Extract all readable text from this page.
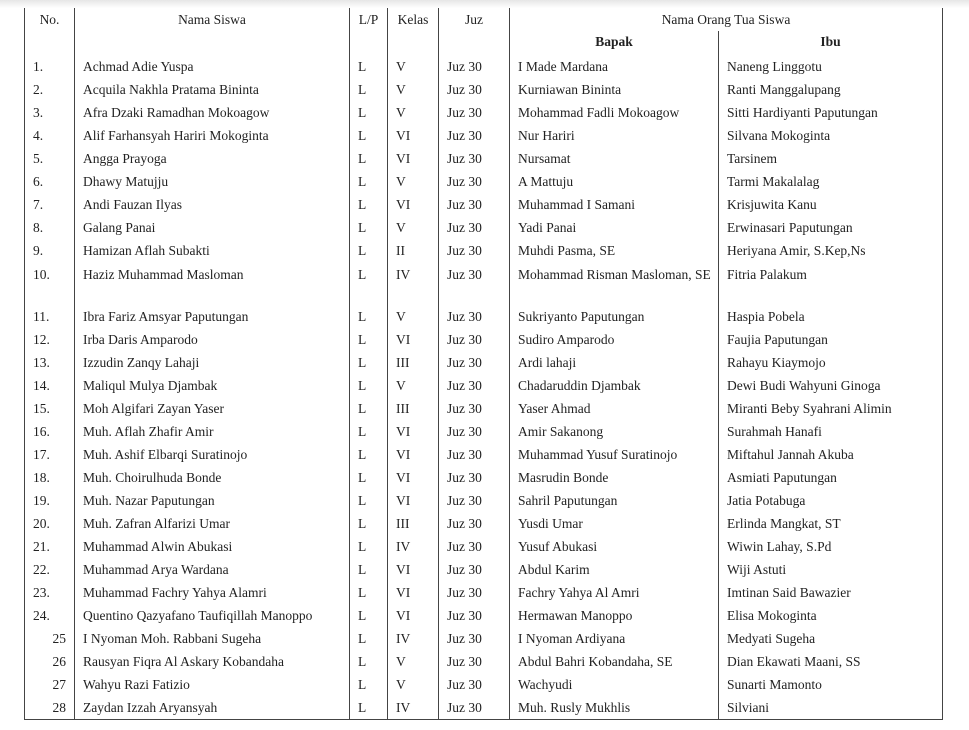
No.	Nama Siswa	L/P	Kelas	Juz	Nama Orang Tua Siswa	
					Bapak	Ibu
1.	Achmad Adie Yuspa	L	V	Juz 30	I Made Mardana	Naneng Linggotu
2.	Acquila Nakhla Pratama Bininta	L	V	Juz 30	Kurniawan Bininta	Ranti Manggalupang
3.	Afra Dzaki Ramadhan Mokoagow	L	V	Juz 30	Mohammad Fadli Mokoagow	Sitti Hardiyanti Paputungan
4.	Alif Farhansyah Hariri Mokoginta	L	VI	Juz 30	Nur Hariri	Silvana Mokoginta
5.	Angga Prayoga	L	VI	Juz 30	Nursamat	Tarsinem
6.	Dhawy Matujju	L	V	Juz 30	A Mattuju	Tarmi Makalalag
7.	Andi Fauzan Ilyas	L	VI	Juz 30	Muhammad I Samani	Krisjuwita Kanu
8.	Galang Panai	L	V	Juz 30	Yadi Panai	Erwinasari Paputungan
9.	Hamizan Aflah Subakti	L	II	Juz 30	Muhdi Pasma, SE	Heriyana Amir, S.Kep,Ns
10.	Haziz Muhammad Masloman	L	IV	Juz 30	Mohammad Risman Masloman, SE	Fitria Palakum
11.	Ibra Fariz Amsyar Paputungan	L	V	Juz 30	Sukriyanto Paputungan	Haspia Pobela
12.	Irba Daris Amparodo	L	VI	Juz 30	Sudiro Amparodo	Faujia Paputungan
13.	Izzudin Zanqy Lahaji	L	III	Juz 30	Ardi lahaji	Rahayu Kiaymojo
14.	Maliqul Mulya Djambak	L	V	Juz 30	Chadaruddin Djambak	Dewi Budi Wahyuni Ginoga
15.	Moh Algifari Zayan Yaser	L	III	Juz 30	Yaser Ahmad	Miranti Beby Syahrani Alimin
16.	Muh. Aflah Zhafir Amir	L	VI	Juz 30	Amir Sakanong	Surahmah Hanafi
17.	Muh. Ashif Elbarqi Suratinojo	L	VI	Juz 30	Muhammad Yusuf Suratinojo	Miftahul Jannah Akuba
18.	Muh. Choirulhuda Bonde	L	VI	Juz 30	Masrudin Bonde	Asmiati Paputungan
19.	Muh. Nazar Paputungan	L	VI	Juz 30	Sahril Paputungan	Jatia Potabuga
20.	Muh. Zafran Alfarizi Umar	L	III	Juz 30	Yusdi Umar	Erlinda Mangkat, ST
21.	Muhammad Alwin Abukasi	L	IV	Juz 30	Yusuf Abukasi	Wiwin Lahay, S.Pd
22.	Muhammad Arya Wardana	L	VI	Juz 30	Abdul Karim	Wiji Astuti
23.	Muhammad Fachry Yahya Alamri	L	VI	Juz 30	Fachry Yahya Al Amri	Imtinan Said Bawazier
24.	Quentino Qazyafano Taufiqillah Manoppo	L	VI	Juz 30	Hermawan Manoppo	Elisa Mokoginta
25	I Nyoman Moh. Rabbani Sugeha	L	IV	Juz 30	I Nyoman Ardiyana	Medyati Sugeha
26	Rausyan Fiqra Al Askary Kobandaha	L	V	Juz 30	Abdul Bahri Kobandaha, SE	Dian Ekawati Maani, SS
27	Wahyu Razi Fatizio	L	V	Juz 30	Wachyudi	Sunarti Mamonto
28	Zaydan Izzah Aryansyah	L	IV	Juz 30	Muh. Rusly Mukhlis	Silviani
